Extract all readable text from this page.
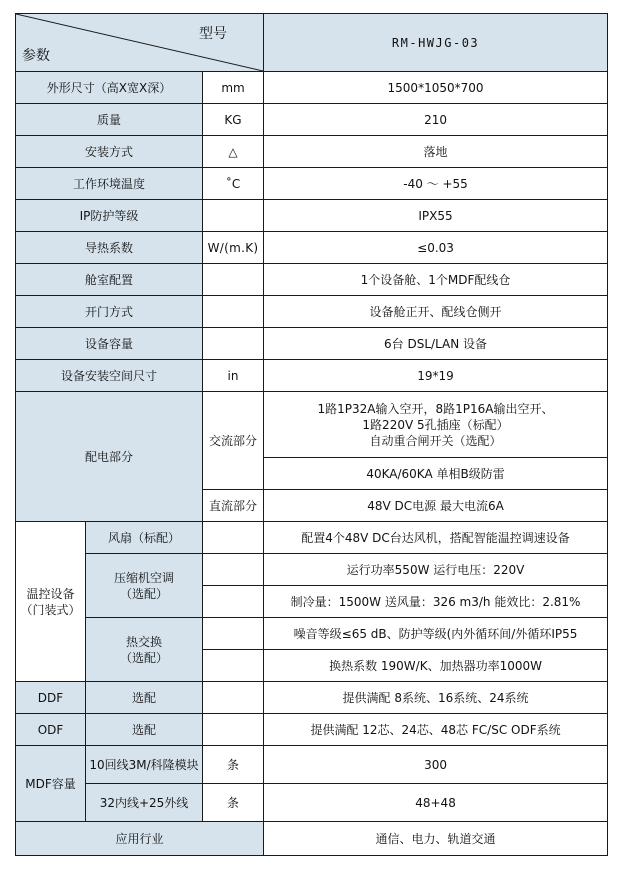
型号
参数			RM-HWJG-03
外形尺寸（高X宽X深）		mm	1500*1050*700
质量		KG	210
安装方式		△	落地
工作环境温度		˚C	-40 ～ +55
IP防护等级			IPX55
导热系数		W/(m.K)	≤0.03
舱室配置			1个设备舱、1个MDF配线仓
开门方式			设备舱正开、配线仓侧开
设备容量			6台 DSL/LAN 设备
设备安装空间尺寸		in	19*19
配电部分		交流部分	1路1P32A输入空开，8路1P16A输出空开、
1路220V 5孔插座（标配）
自动重合闸开关（选配）

			40KA/60KA 单相B级防雷
		直流部分	48V DC电源 最大电流6A

温控设备
（门装式）	风扇（标配）		配置4个48V DC台达风机，搭配智能温控调速设备

	压缩机空调
（选配）		运行功率550W 运行电压：220V
			制冷量：1500W 送风量：326 m3/h 能效比：2.81%

	热交换
（选配）		噪音等级≤65 dB、防护等级(内外循环间/外循环IP55
			换热系数 190W/K、加热器功率1000W
DDF	选配		提供满配 8系统、16系统、24系统
ODF	选配		提供满配 12芯、24芯、48芯 FC/SC ODF系统
MDF容量	10回线3M/科隆模块	条	300
	32内线+25外线	条	48+48
应用行业			通信、电力、轨道交通
